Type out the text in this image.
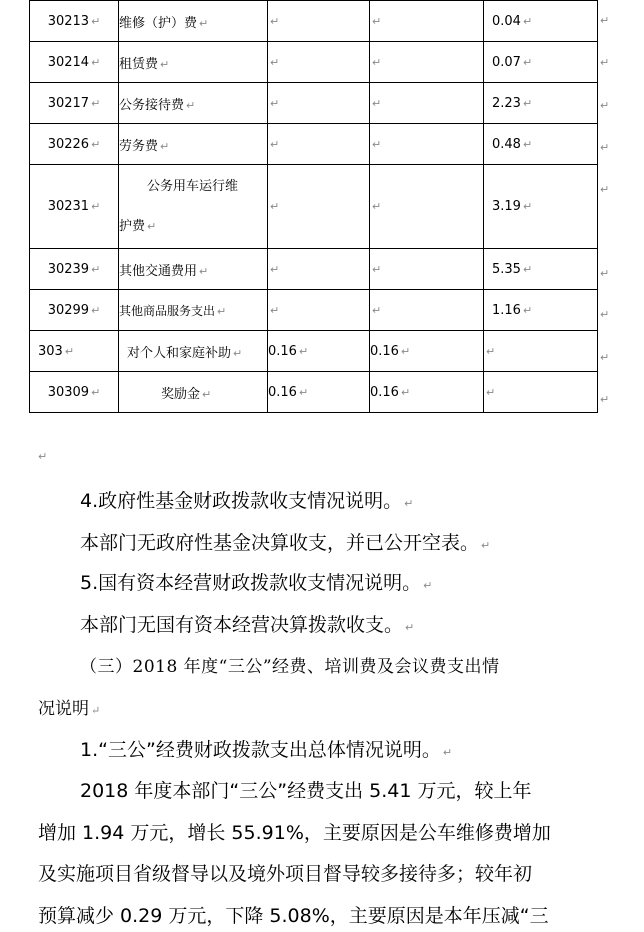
30213 ↵	维修（护）费 ↵	↵	↵	0.04 ↵
30214 ↵	租赁费 ↵	↵	↵	0.07 ↵
30217 ↵	公务接待费 ↵	↵	↵	2.23 ↵
30226 ↵	劳务费 ↵	↵	↵	0.48 ↵
30231 ↵	公务用车运行维
护费 ↵	↵	↵	3.19 ↵
30239 ↵	其他交通费用 ↵	↵	↵	5.35 ↵
30299 ↵	其他商品服务支出 ↵	↵	↵	1.16 ↵
303 ↵	对个人和家庭补助 ↵	0.16 ↵	0.16 ↵	↵
30309 ↵	奖励金 ↵	0.16 ↵	0.16 ↵	↵
↵
↵
↵
↵
↵
↵
↵
↵
↵
↵
4.政府性基金财政拨款收支情况说明。 ↵
本部门无政府性基金决算收支，并已公开空表。 ↵
5.国有资本经营财政拨款收支情况说明。 ↵
本部门无国有资本经营决算拨款收支。 ↵
（三）2018 年度“三公”经费、培训费及会议费支出情
况说明 ↵
1.“三公”经费财政拨款支出总体情况说明。 ↵
2018 年度本部门“三公”经费支出 5.41 万元，较上年
增加 1.94 万元，增长 55.91%，主要原因是公车维修费增加
及实施项目省级督导以及境外项目督导较多接待多；较年初
预算减少 0.29 万元，下降 5.08%，主要原因是本年压减“三
